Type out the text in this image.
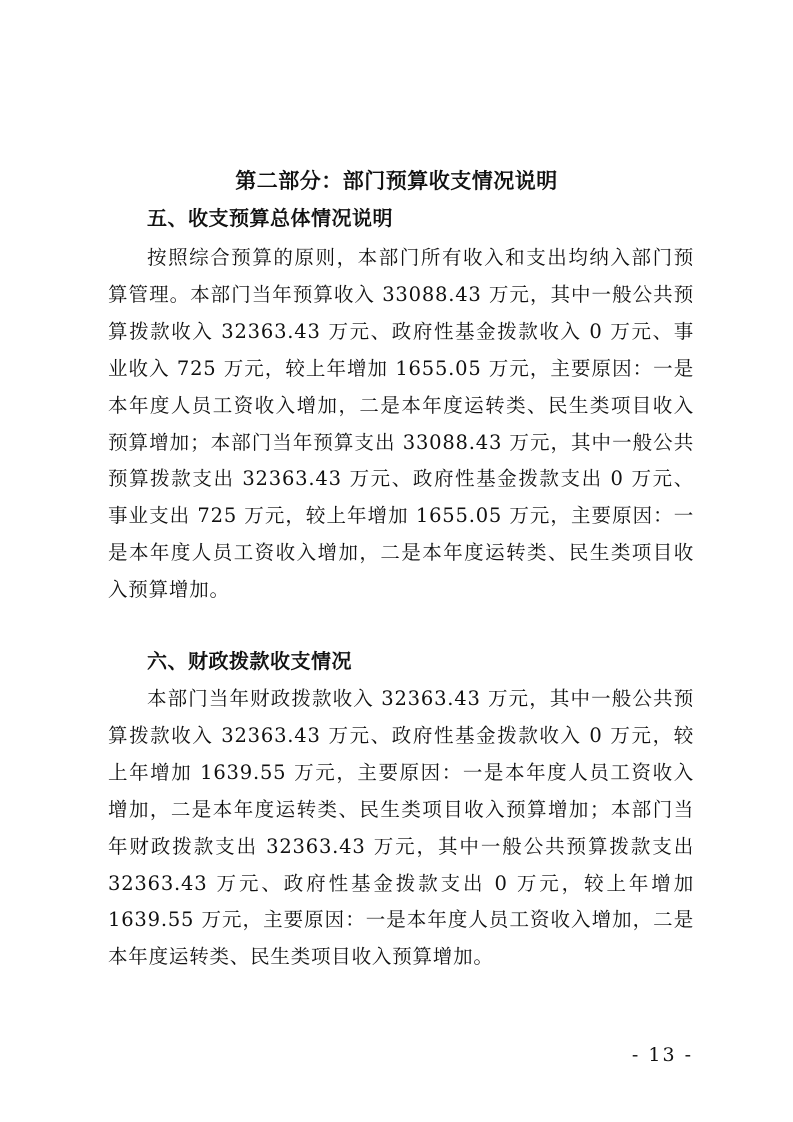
第二部分：部门预算收支情况说明
五、收支预算总体情况说明

按照综合预算的原则，本部门所有收入和支出均纳入部门预算管理。本部门当年预算收入 33088.43 万元，其中一般公共预算拨款收入 32363.43 万元、政府性基金拨款收入 0 万元、事业收入 725 万元，较上年增加 1655.05 万元，主要原因：一是本年度人员工资收入增加，二是本年度运转类、民生类项目收入预算增加；本部门当年预算支出 33088.43 万元，其中一般公共预算拨款支出 32363.43 万元、政府性基金拨款支出 0 万元、事业支出 725 万元，较上年增加 1655.05 万元，主要原因：一是本年度人员工资收入增加，二是本年度运转类、民生类项目收入预算增加。

六、财政拨款收支情况

本部门当年财政拨款收入 32363.43 万元，其中一般公共预算拨款收入 32363.43 万元、政府性基金拨款收入 0 万元，较上年增加 1639.55 万元，主要原因：一是本年度人员工资收入增加，二是本年度运转类、民生类项目收入预算增加；本部门当年财政拨款支出 32363.43 万元，其中一般公共预算拨款支出 32363.43 万元、政府性基金拨款支出 0 万元，较上年增加 1639.55 万元，主要原因：一是本年度人员工资收入增加，二是本年度运转类、民生类项目收入预算增加。

- 13 -
